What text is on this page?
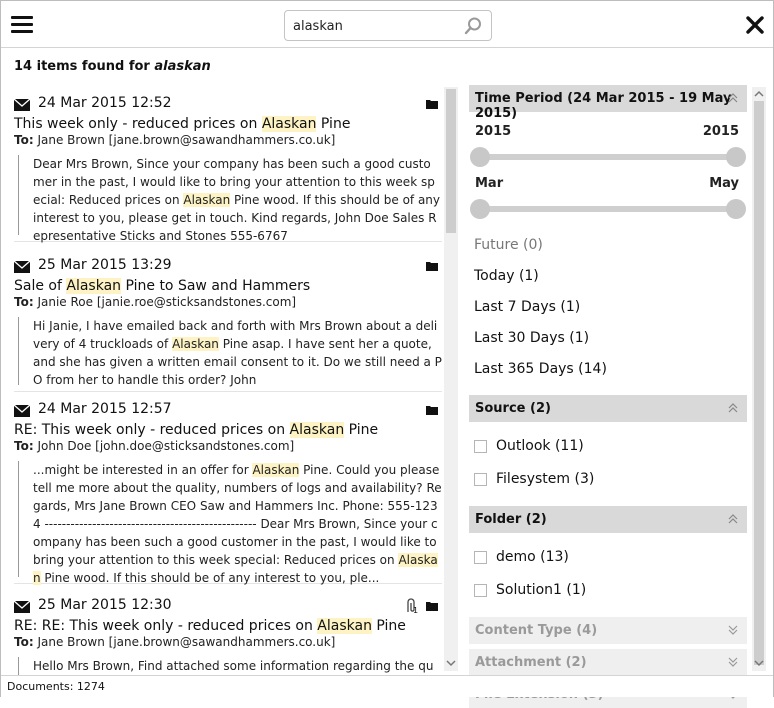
alaskan
14 items found for alaskan
24 Mar 2015 12:52
This week only - reduced prices on Alaskan Pine
To: Jane Brown [jane.brown@sawandhammers.co.uk]
Dear Mrs Brown, Since your company has been such a good customer in the past, I would like to bring your attention to this week special: Reduced prices on Alaskan Pine wood. If this should be of any interest to you, please get in touch. Kind regards, John Doe Sales Representative Sticks and Stones 555-6767
25 Mar 2015 13:29
Sale of Alaskan Pine to Saw and Hammers
To: Janie Roe [janie.roe@sticksandstones.com]
Hi Janie, I have emailed back and forth with Mrs Brown about a delivery of 4 truckloads of Alaskan Pine asap. I have sent her a quote, and she has given a written email consent to it. Do we still need a PO from her to handle this order? John
24 Mar 2015 12:57
RE: This week only - reduced prices on Alaskan Pine
To: John Doe [john.doe@sticksandstones.com]
...might be interested in an offer for Alaskan Pine. Could you please tell me more about the quality, numbers of logs and availability? Regards, Mrs Jane Brown CEO Saw and Hammers Inc. Phone: 555-1234 ------------------------------------------------- Dear Mrs Brown, Since your company has been such a good customer in the past, I would like to bring your attention to this week special: Reduced prices on Alaskan Pine wood. If this should be of any interest to you, ple...
25 Mar 2015 12:30	1
RE: RE: This week only - reduced prices on Alaskan Pine
To: Jane Brown [jane.brown@sawandhammers.co.uk]
Hello Mrs Brown, Find attached some information regarding the qu
Time Period (24 Mar 2015 - 19 May 2015)
2015	2015
Mar	May
Future (0)
Today (1)
Last 7 Days (1)
Last 30 Days (1)
Last 365 Days (14)
Source (2)
Outlook (11)
Filesystem (3)
Folder (2)
demo (13)
Solution1 (1)
Content Type (4)
Attachment (2)
Documents: 1274
